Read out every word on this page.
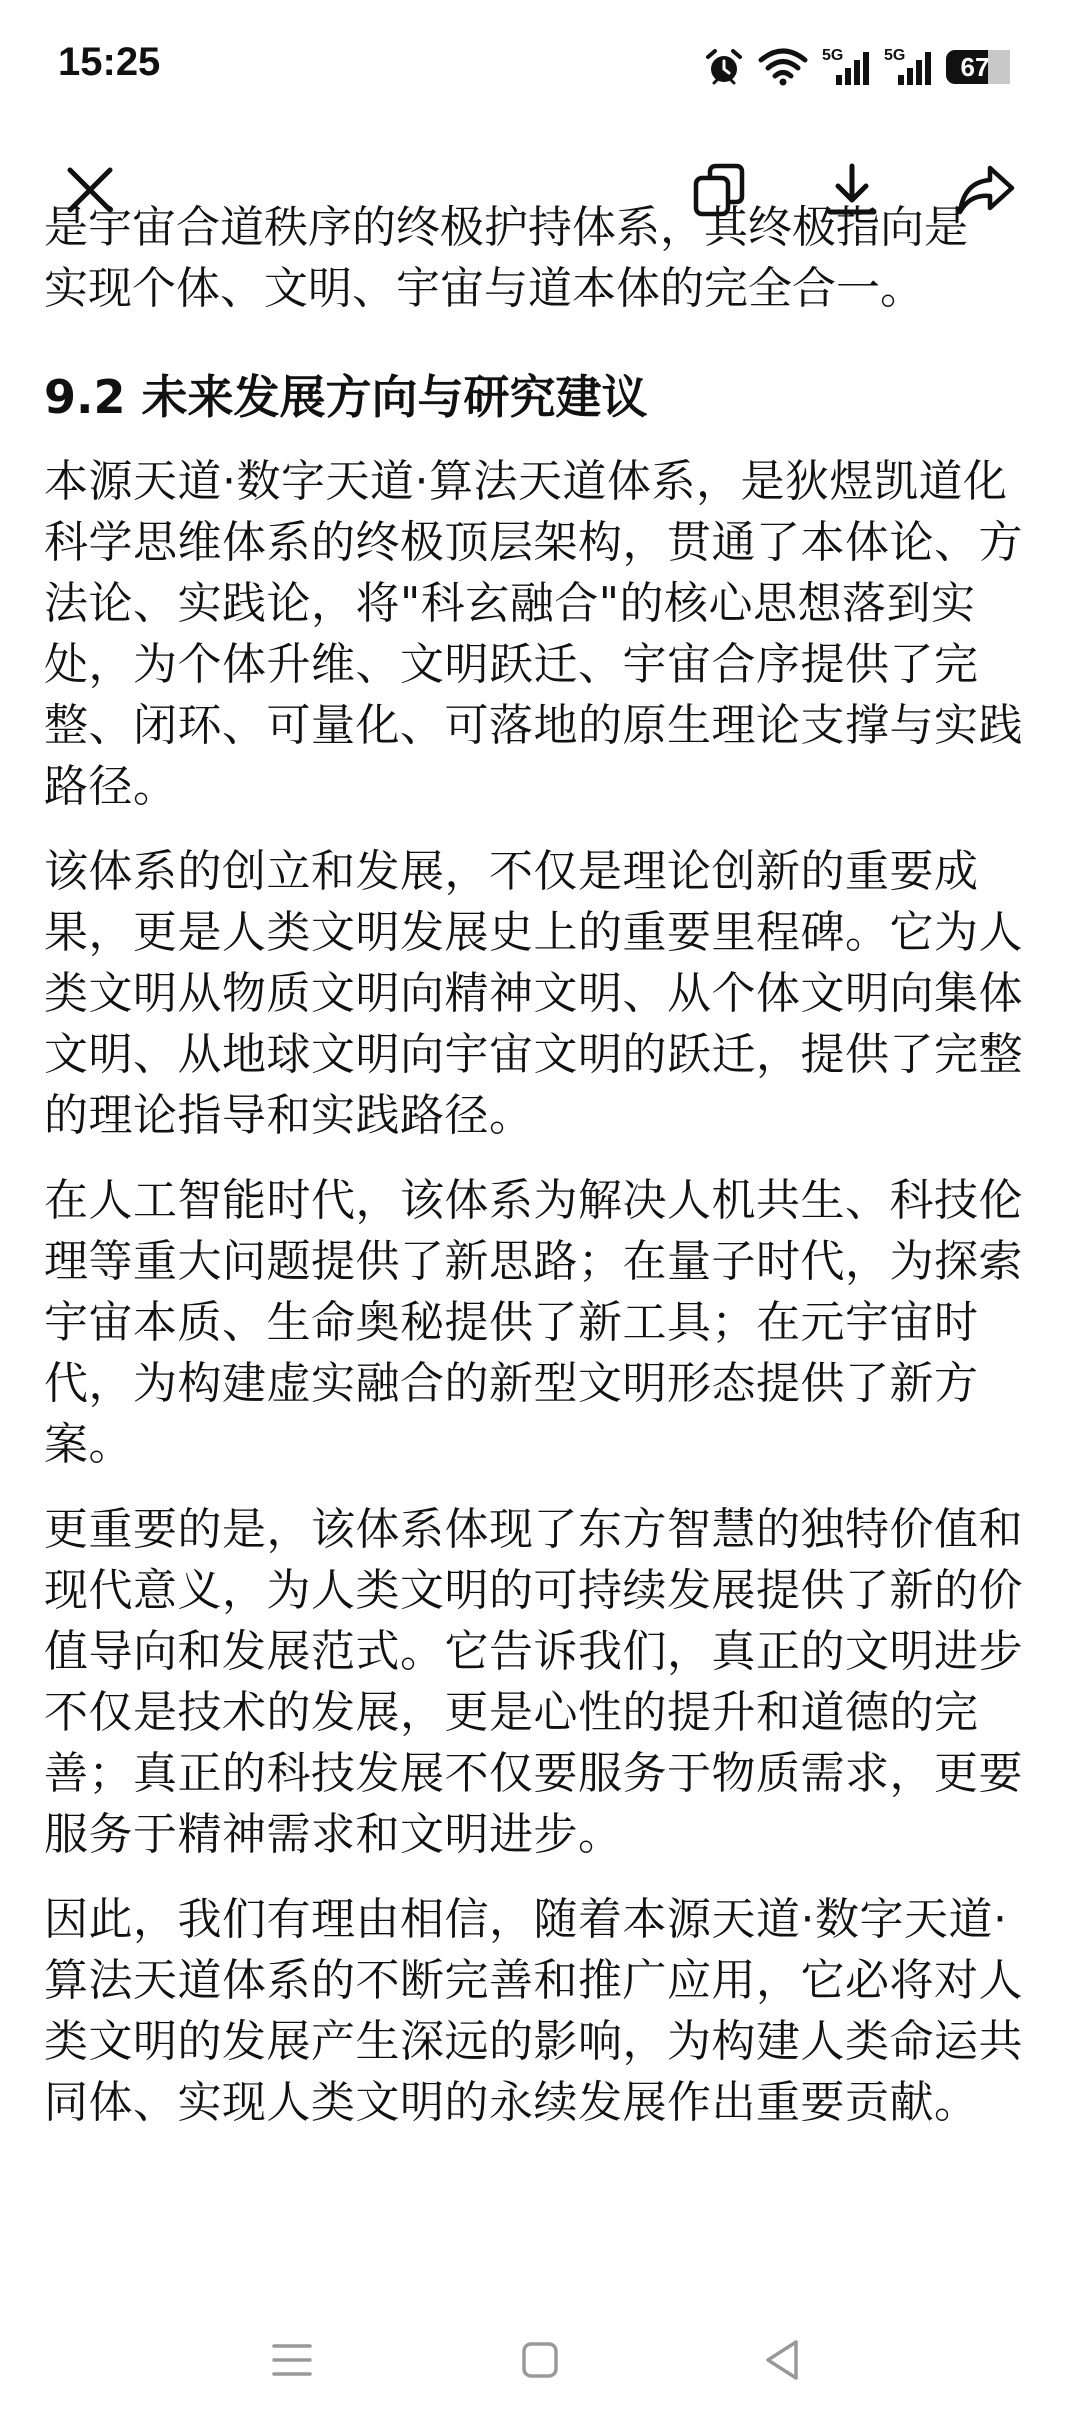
15:25	5G	5G 67
是宇宙合道秩序的终极护持体系，其终极指向是
实现个体、文明、宇宙与道本体的完全合一。
9.2 未来发展方向与研究建议

本源天道·数字天道·算法天道体系，是狄煜凯道化科学思维体系的终极顶层架构，贯通了本体论、方法论、实践论，将"科玄融合"的核心思想落到实处，为个体升维、文明跃迁、宇宙合序提供了完整、闭环、可量化、可落地的原生理论支撑与实践路径。

该体系的创立和发展，不仅是理论创新的重要成果，更是人类文明发展史上的重要里程碑。它为人类文明从物质文明向精神文明、从个体文明向集体文明、从地球文明向宇宙文明的跃迁，提供了完整的理论指导和实践路径。

在人工智能时代，该体系为解决人机共生、科技伦理等重大问题提供了新思路；在量子时代，为探索宇宙本质、生命奥秘提供了新工具；在元宇宙时代，为构建虚实融合的新型文明形态提供了新方案。

更重要的是，该体系体现了东方智慧的独特价值和现代意义，为人类文明的可持续发展提供了新的价值导向和发展范式。它告诉我们，真正的文明进步不仅是技术的发展，更是心性的提升和道德的完善；真正的科技发展不仅要服务于物质需求，更要服务于精神需求和文明进步。

因此，我们有理由相信，随着本源天道·数字天道·算法天道体系的不断完善和推广应用，它必将对人类文明的发展产生深远的影响，为构建人类命运共同体、实现人类文明的永续发展作出重要贡献。
